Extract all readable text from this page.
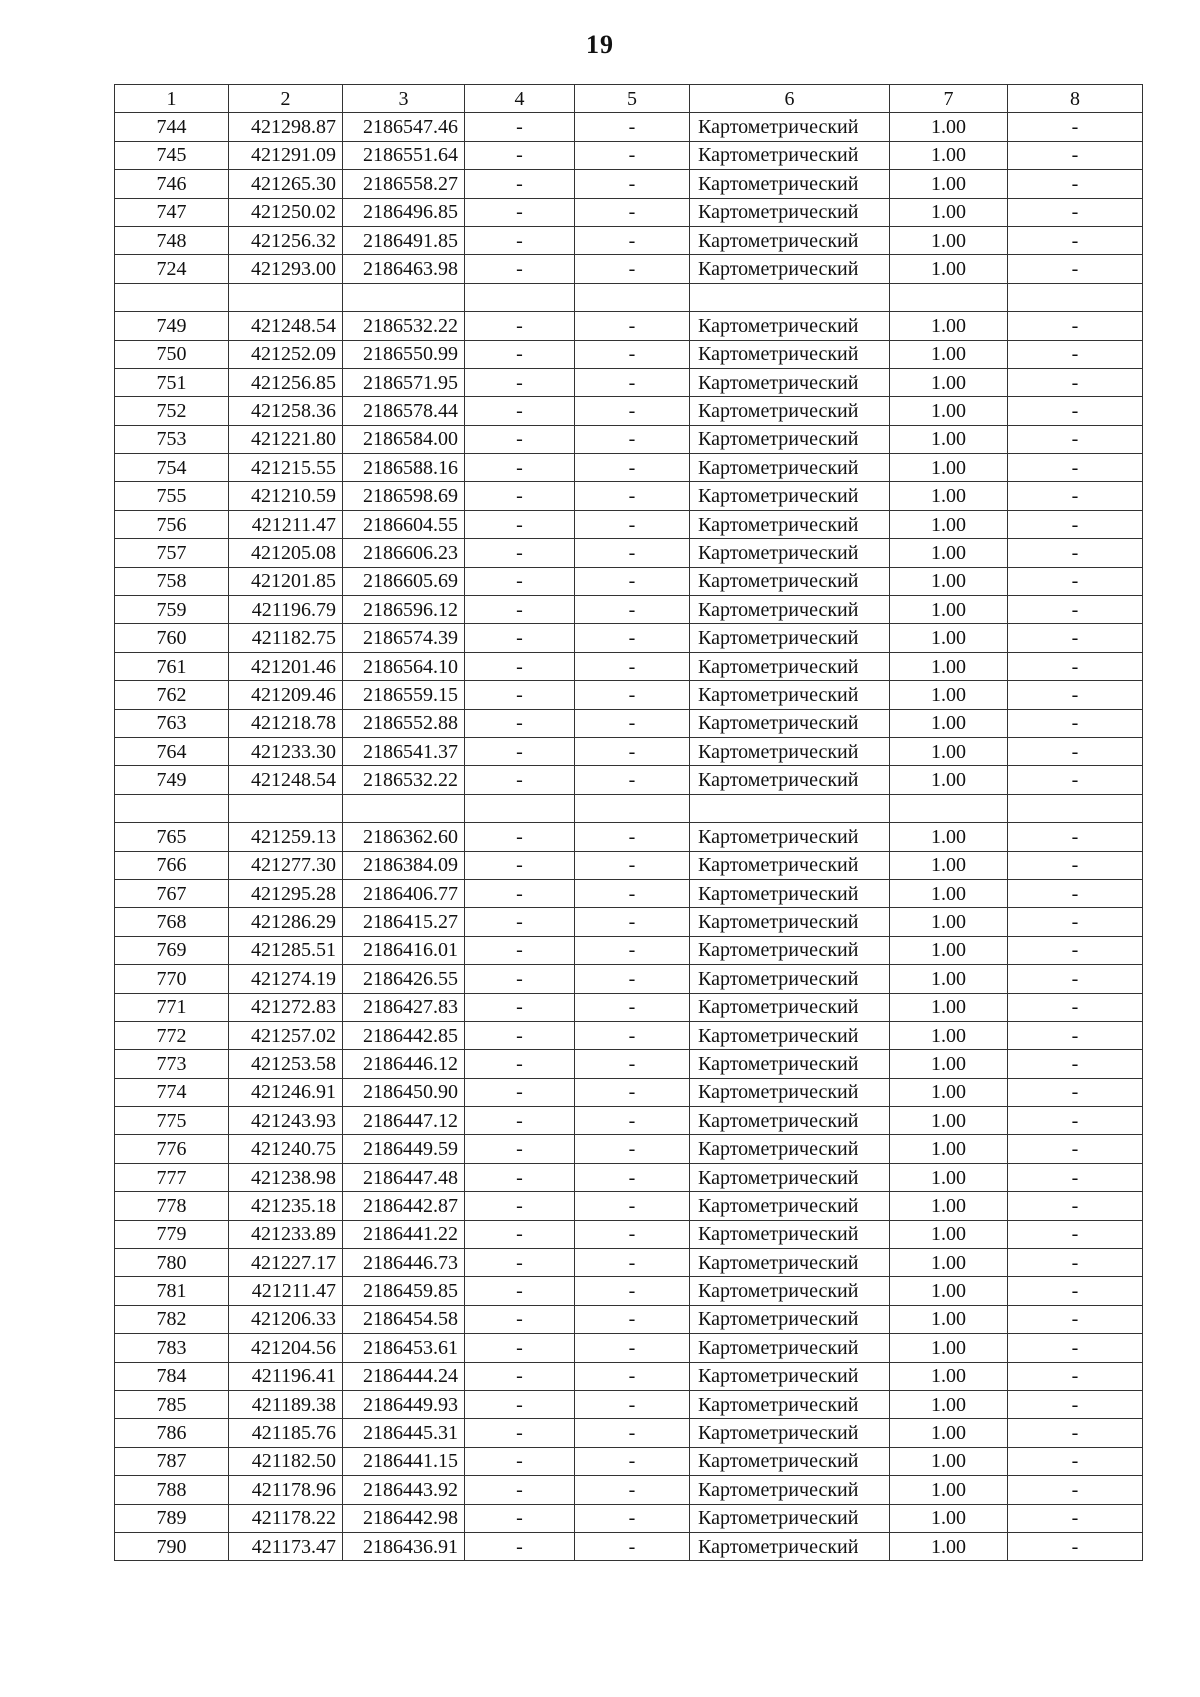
19
1	2	3	4	5	6	7	8
744	421298.87	2186547.46	-	-	Картометрический	1.00	-
745	421291.09	2186551.64	-	-	Картометрический	1.00	-
746	421265.30	2186558.27	-	-	Картометрический	1.00	-
747	421250.02	2186496.85	-	-	Картометрический	1.00	-
748	421256.32	2186491.85	-	-	Картометрический	1.00	-
724	421293.00	2186463.98	-	-	Картометрический	1.00	-

749	421248.54	2186532.22	-	-	Картометрический	1.00	-
750	421252.09	2186550.99	-	-	Картометрический	1.00	-
751	421256.85	2186571.95	-	-	Картометрический	1.00	-
752	421258.36	2186578.44	-	-	Картометрический	1.00	-
753	421221.80	2186584.00	-	-	Картометрический	1.00	-
754	421215.55	2186588.16	-	-	Картометрический	1.00	-
755	421210.59	2186598.69	-	-	Картометрический	1.00	-
756	421211.47	2186604.55	-	-	Картометрический	1.00	-
757	421205.08	2186606.23	-	-	Картометрический	1.00	-
758	421201.85	2186605.69	-	-	Картометрический	1.00	-
759	421196.79	2186596.12	-	-	Картометрический	1.00	-
760	421182.75	2186574.39	-	-	Картометрический	1.00	-
761	421201.46	2186564.10	-	-	Картометрический	1.00	-
762	421209.46	2186559.15	-	-	Картометрический	1.00	-
763	421218.78	2186552.88	-	-	Картометрический	1.00	-
764	421233.30	2186541.37	-	-	Картометрический	1.00	-
749	421248.54	2186532.22	-	-	Картометрический	1.00	-

765	421259.13	2186362.60	-	-	Картометрический	1.00	-
766	421277.30	2186384.09	-	-	Картометрический	1.00	-
767	421295.28	2186406.77	-	-	Картометрический	1.00	-
768	421286.29	2186415.27	-	-	Картометрический	1.00	-
769	421285.51	2186416.01	-	-	Картометрический	1.00	-
770	421274.19	2186426.55	-	-	Картометрический	1.00	-
771	421272.83	2186427.83	-	-	Картометрический	1.00	-
772	421257.02	2186442.85	-	-	Картометрический	1.00	-
773	421253.58	2186446.12	-	-	Картометрический	1.00	-
774	421246.91	2186450.90	-	-	Картометрический	1.00	-
775	421243.93	2186447.12	-	-	Картометрический	1.00	-
776	421240.75	2186449.59	-	-	Картометрический	1.00	-
777	421238.98	2186447.48	-	-	Картометрический	1.00	-
778	421235.18	2186442.87	-	-	Картометрический	1.00	-
779	421233.89	2186441.22	-	-	Картометрический	1.00	-
780	421227.17	2186446.73	-	-	Картометрический	1.00	-
781	421211.47	2186459.85	-	-	Картометрический	1.00	-
782	421206.33	2186454.58	-	-	Картометрический	1.00	-
783	421204.56	2186453.61	-	-	Картометрический	1.00	-
784	421196.41	2186444.24	-	-	Картометрический	1.00	-
785	421189.38	2186449.93	-	-	Картометрический	1.00	-
786	421185.76	2186445.31	-	-	Картометрический	1.00	-
787	421182.50	2186441.15	-	-	Картометрический	1.00	-
788	421178.96	2186443.92	-	-	Картометрический	1.00	-
789	421178.22	2186442.98	-	-	Картометрический	1.00	-
790	421173.47	2186436.91	-	-	Картометрический	1.00	-
